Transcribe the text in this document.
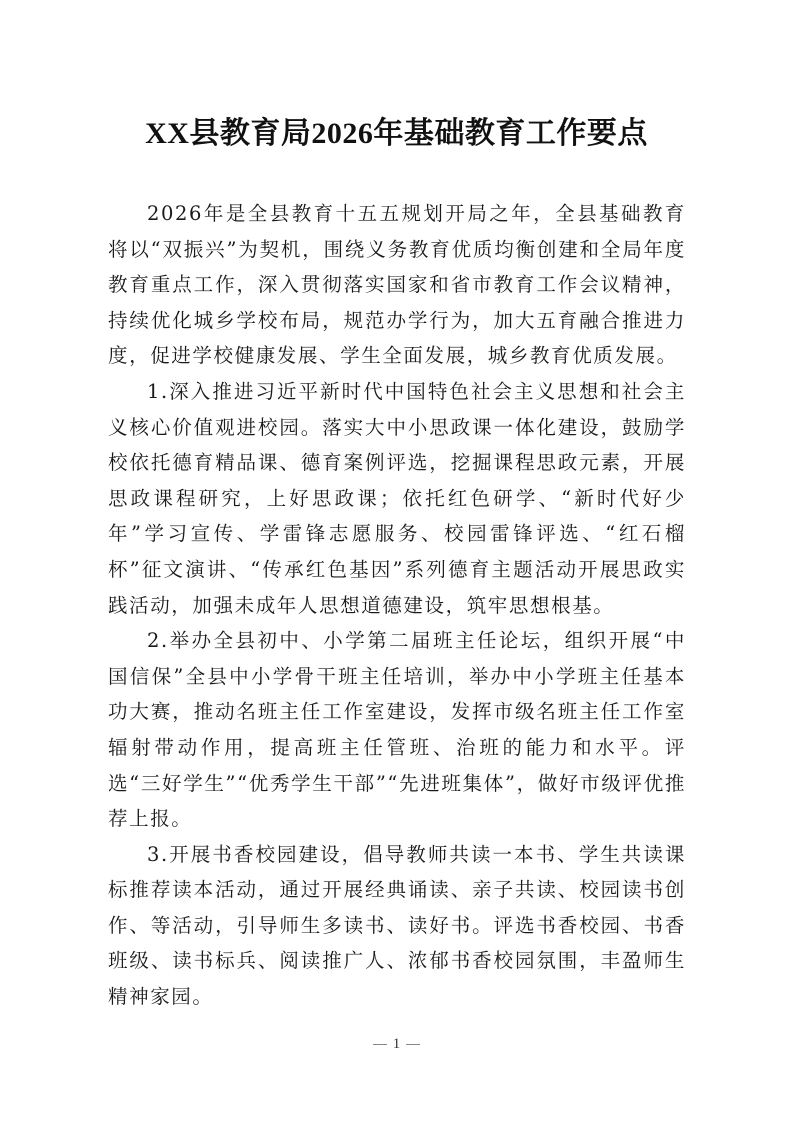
XX县教育局2026年基础教育工作要点

2026年是全县教育十五五规划开局之年，全县基础教育将以“双振兴”为契机，围绕义务教育优质均衡创建和全局年度教育重点工作，深入贯彻落实国家和省市教育工作会议精神，持续优化城乡学校布局，规范办学行为，加大五育融合推进力度，促进学校健康发展、学生全面发展，城乡教育优质发展。

1.深入推进习近平新时代中国特色社会主义思想和社会主义核心价值观进校园。落实大中小思政课一体化建设，鼓励学校依托德育精品课、德育案例评选，挖掘课程思政元素，开展思政课程研究，上好思政课；依托红色研学、“新时代好少年”学习宣传、学雷锋志愿服务、校园雷锋评选、“红石榴杯”征文演讲、“传承红色基因”系列德育主题活动开展思政实践活动，加强未成年人思想道德建设，筑牢思想根基。

2.举办全县初中、小学第二届班主任论坛，组织开展“中国信保”全县中小学骨干班主任培训，举办中小学班主任基本功大赛，推动名班主任工作室建设，发挥市级名班主任工作室辐射带动作用，提高班主任管班、治班的能力和水平。评选“三好学生”“优秀学生干部”“先进班集体”，做好市级评优推荐上报。

3.开展书香校园建设，倡导教师共读一本书、学生共读课标推荐读本活动，通过开展经典诵读、亲子共读、校园读书创作、等活动，引导师生多读书、读好书。评选书香校园、书香班级、读书标兵、阅读推广人、浓郁书香校园氛围，丰盈师生精神家园。

1
